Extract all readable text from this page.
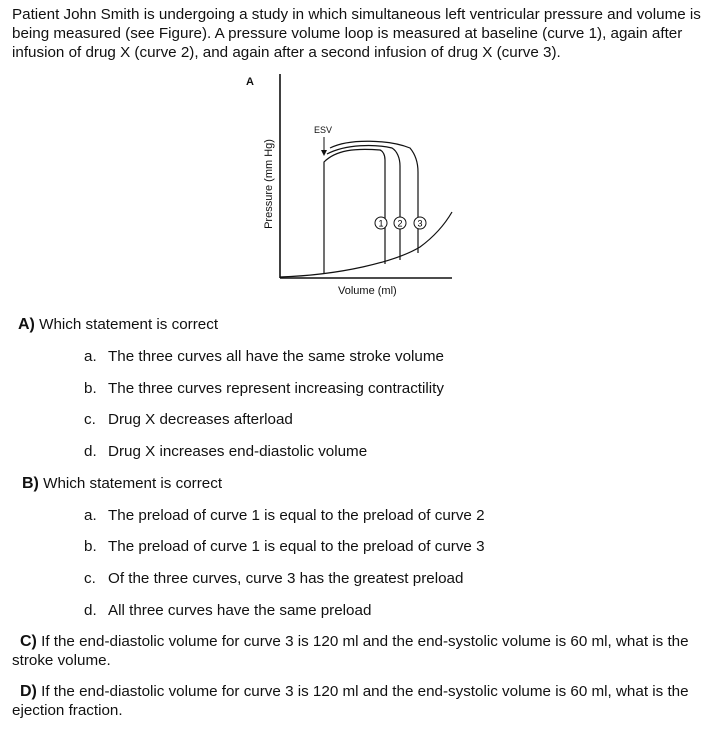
Patient John Smith is undergoing a study in which simultaneous left ventricular pressure and volume is being measured (see Figure). A pressure volume loop is measured at baseline (curve 1), again after infusion of drug X (curve 2), and again after a second infusion of drug X (curve 3).
1 2 3
A
ESV
Volume (ml)
Pressure (mm Hg)
A) Which statement is correct
a. The three curves all have the same stroke volume
b. The three curves represent increasing contractility
c. Drug X decreases afterload
d. Drug X increases end-diastolic volume
B) Which statement is correct
a. The preload of curve 1 is equal to the preload of curve 2
b. The preload of curve 1 is equal to the preload of curve 3
c. Of the three curves, curve 3 has the greatest preload
d. All three curves have the same preload
C) If the end-diastolic volume for curve 3 is 120 ml and the end-systolic volume is 60 ml, what is the stroke volume.
D) If the end-diastolic volume for curve 3 is 120 ml and the end-systolic volume is 60 ml, what is the ejection fraction.
